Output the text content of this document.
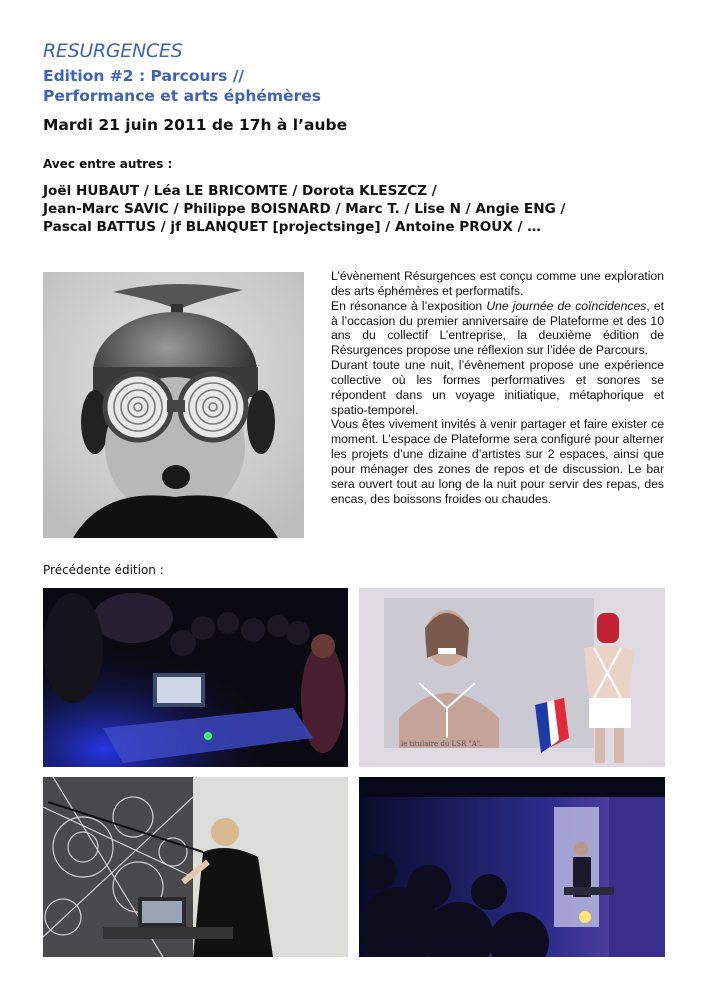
RESURGENCES
Edition #2 : Parcours //
Performance et arts éphémères
Mardi 21 juin 2011 de 17h à l’aube
Avec entre autres :
Joël HUBAUT / Léa LE BRICOMTE / Dorota KLESZCZ /
Jean-Marc SAVIC / Philippe BOISNARD / Marc T. / Lise N / Angie ENG /
Pascal BATTUS / jf BLANQUET [projectsinge] / Antoine PROUX / …

L’évènement Résurgences est conçu comme une exploration des arts éphémères et performatifs.

En résonance à l’exposition Une journée de coïncidences, et à l’occasion du premier anniversaire de Plateforme et des 10 ans du collectif L’entreprise, la deuxième édition de Résurgences propose une réflexion sur l’idée de Parcours.

Durant toute une nuit, l’évènement propose une expérience collective où les formes performatives et sonores se répondent dans un voyage initiatique, métaphorique et spatio-temporel.

Vous êtes vivement invités à venir partager et faire exister ce moment. L’espace de Plateforme sera configuré pour alterner les projets d’une dizaine d’artistes sur 2 espaces, ainsi que pour ménager des zones de repos et de discussion. Le bar sera ouvert tout au long de la nuit pour servir des repas, des encas, des boissons froides ou chaudes.

Précédente édition :
le titulaire du LSR "A".
